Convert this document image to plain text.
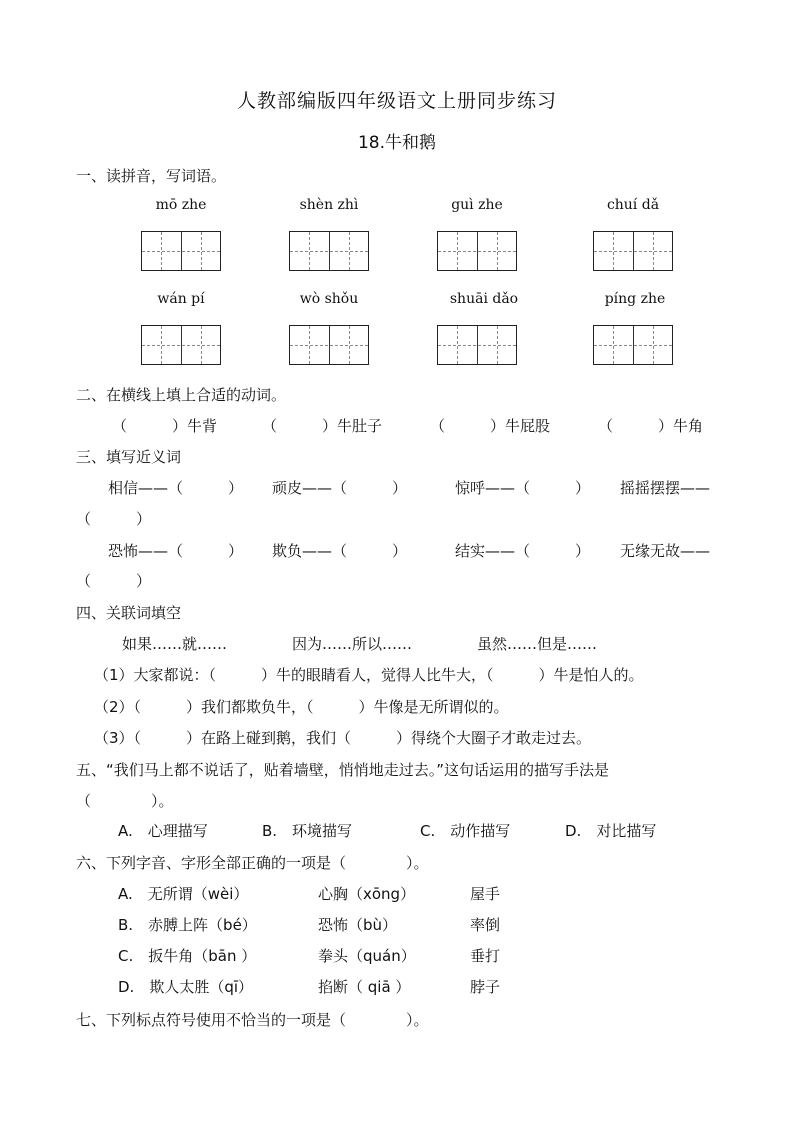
人教部编版四年级语文上册同步练习
18.牛和鹅
一、读拼音，写词语。
mō zhe	shèn zhì	guì zhe	chuí dǎ
wán pí	wò shǒu	shuāi dǎo	píng zhe
二、在横线上填上合适的动词。
（　　　）牛背	（　　　）牛肚子	（　　　）牛屁股	（　　　）牛角
三、填写近义词
相信——（　　　） 顽皮——（　　　）	惊呼——（　　　） 摇摇摆摆——
（　　　）
恐怖——（　　　） 欺负——（　　　）	结实——（　　　） 无缘无故——
（　　　）
四、关联词填空
如果……就……	因为……所以……	虽然……但是……
（1）大家都说：（　　　）牛的眼睛看人，觉得人比牛大，（　　　）牛是怕人的。
（2）（　　　）我们都欺负牛，（　　　）牛像是无所谓似的。
（3）（　　　）在路上碰到鹅，我们（　　　）得绕个大圈子才敢走过去。
五、“我们马上都不说话了，贴着墙壁，悄悄地走过去。”这句话运用的描写手法是
（　　　　）。
A.　心理描写	B.　环境描写	C.　动作描写	D.　对比描写
六、下列字音、字形全部正确的一项是（　　　　）。
A.　无所谓（wèi）	心胸（xōng）	屋手
B.　赤膊上阵（bé）	恐怖（bù）	率倒
C.　扳牛角（bān ）	拳头（quán）	垂打
D.　欺人太胜（qī）	掐断（ qiā ）	脖子
七、下列标点符号使用不恰当的一项是（　　　　）。
